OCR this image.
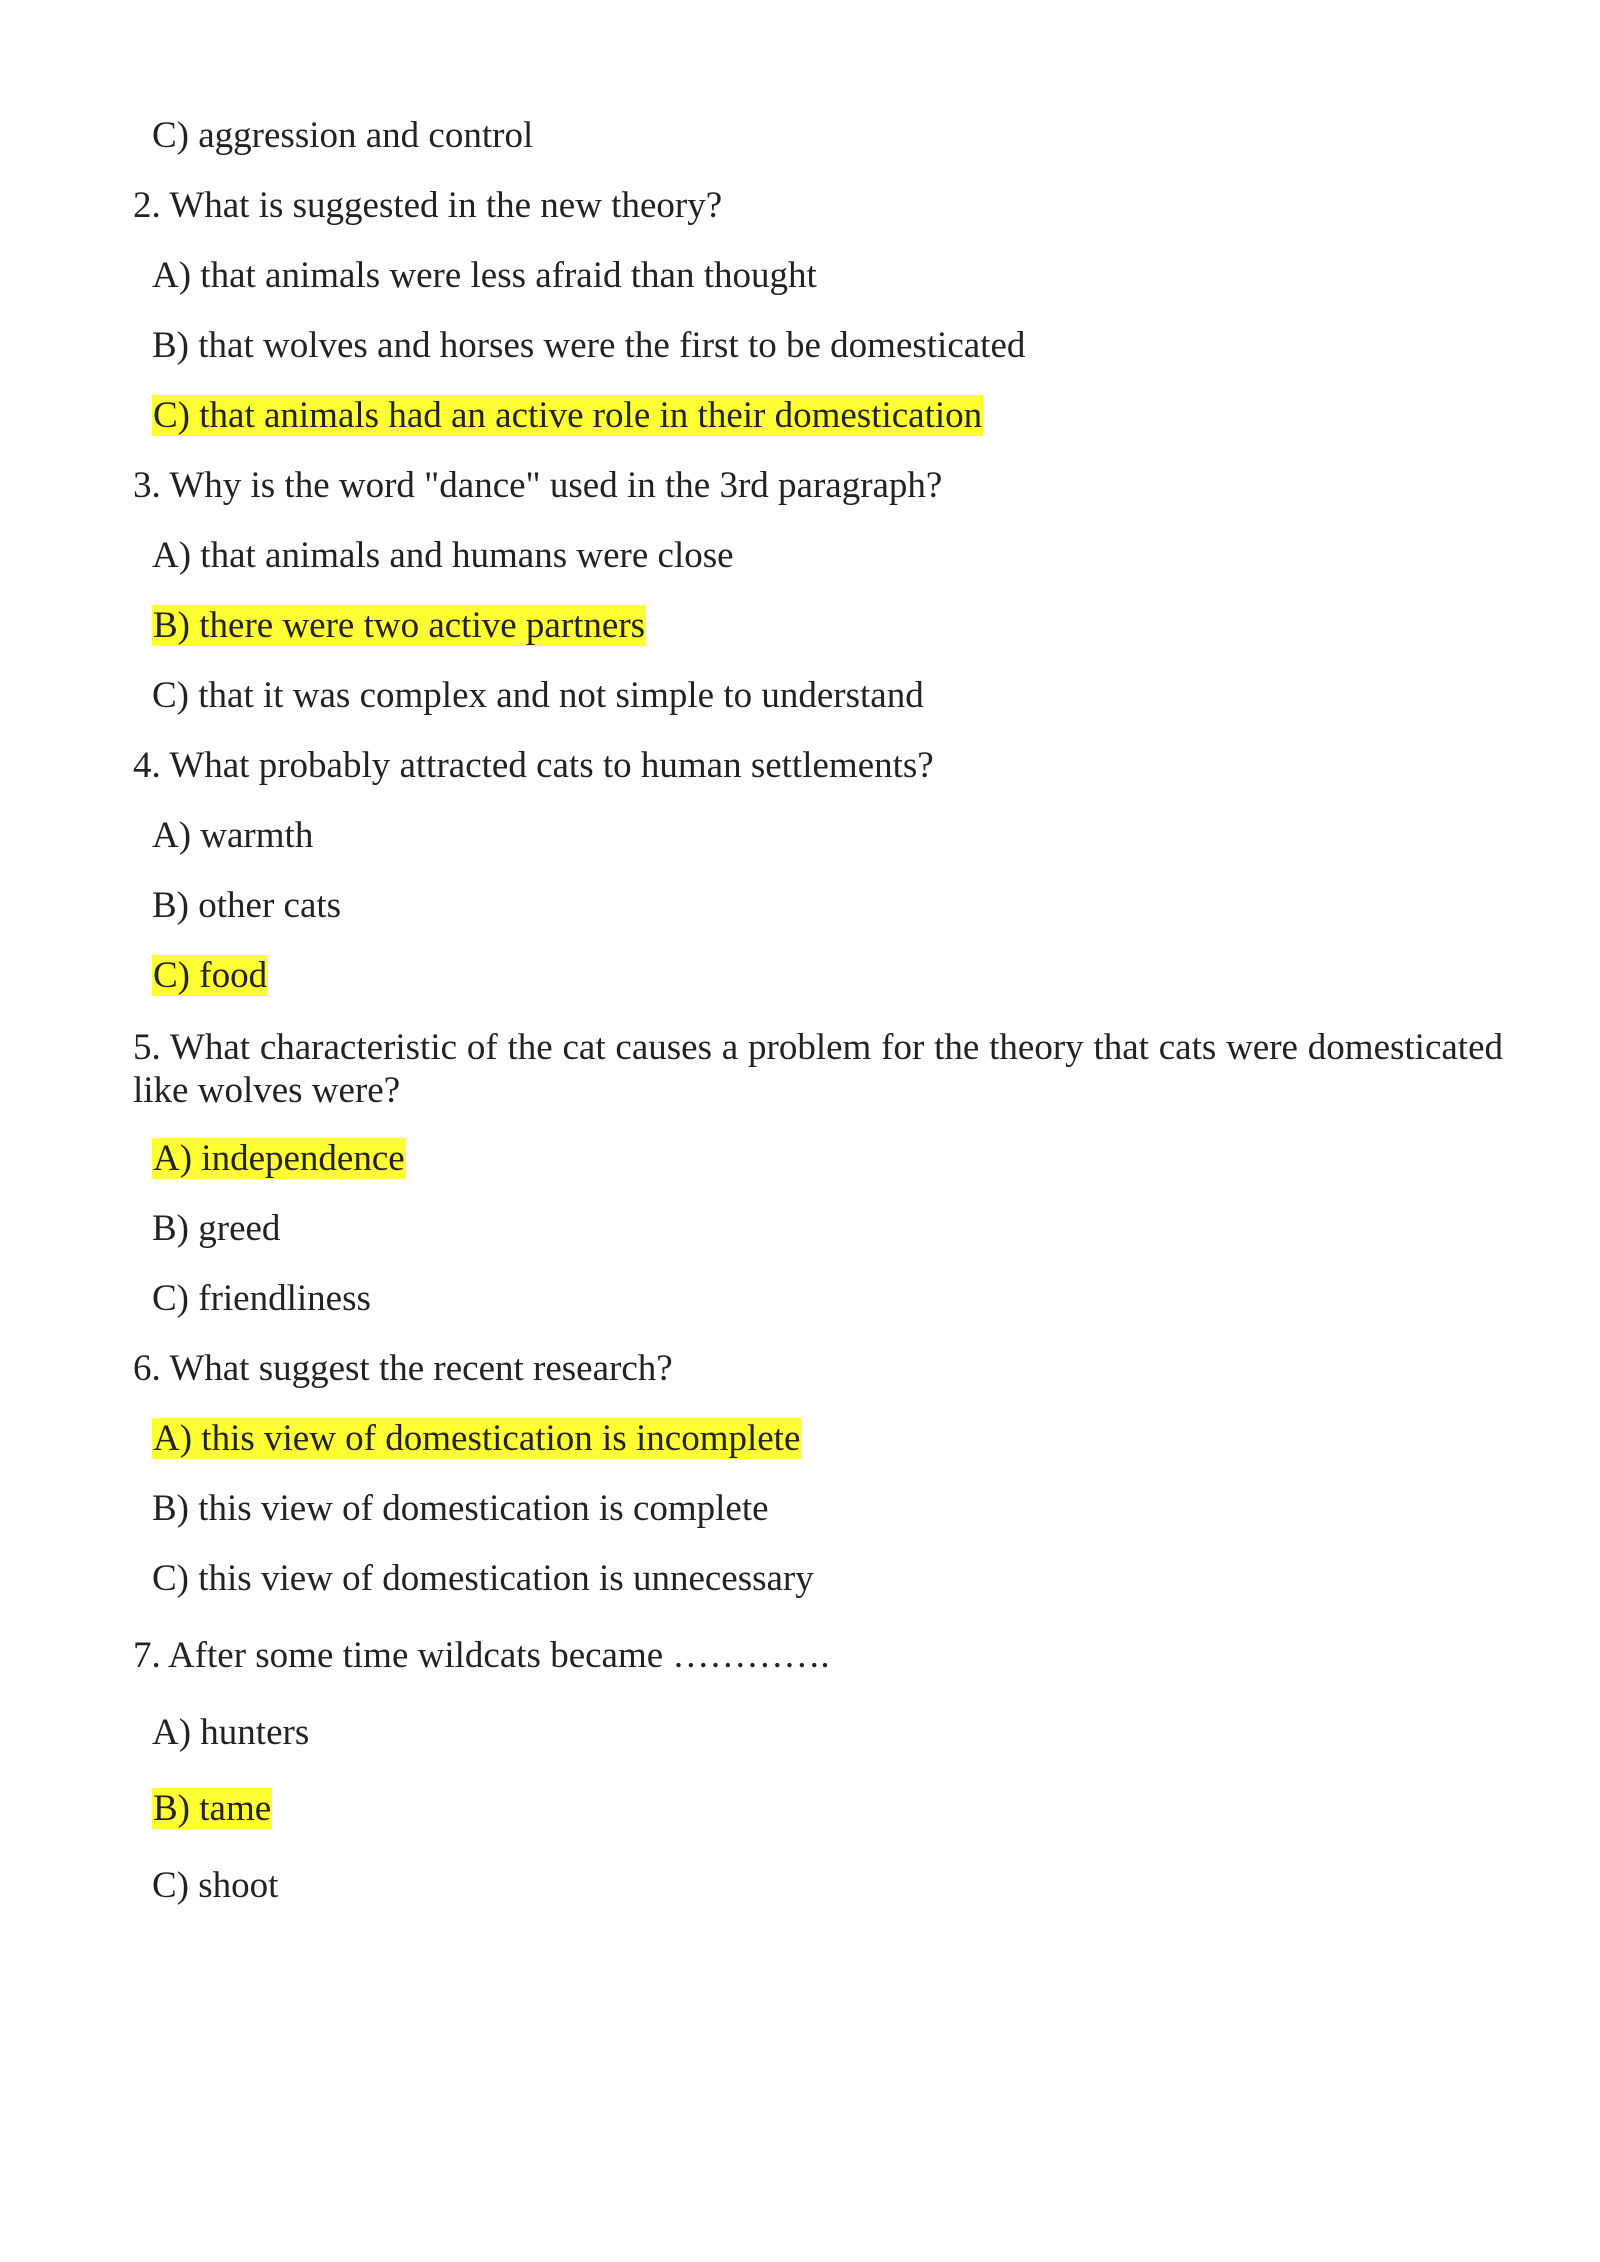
C) aggression and control
2. What is suggested in the new theory?
A) that animals were less afraid than thought
B) that wolves and horses were the first to be domesticated
C) that animals had an active role in their domestication
3. Why is the word "dance" used in the 3rd paragraph?
A) that animals and humans were close
B) there were two active partners
C) that it was complex and not simple to understand
4. What probably attracted cats to human settlements?
A) warmth
B) other cats
C) food
5. What characteristic of the cat causes a problem for the theory that cats were domesticated like wolves were?
A) independence
B) greed
C) friendliness
6. What suggest the recent research?
A) this view of domestication is incomplete
B) this view of domestication is complete
C) this view of domestication is unnecessary
7. After some time wildcats became ………….
A) hunters
B) tame
C) shoot
